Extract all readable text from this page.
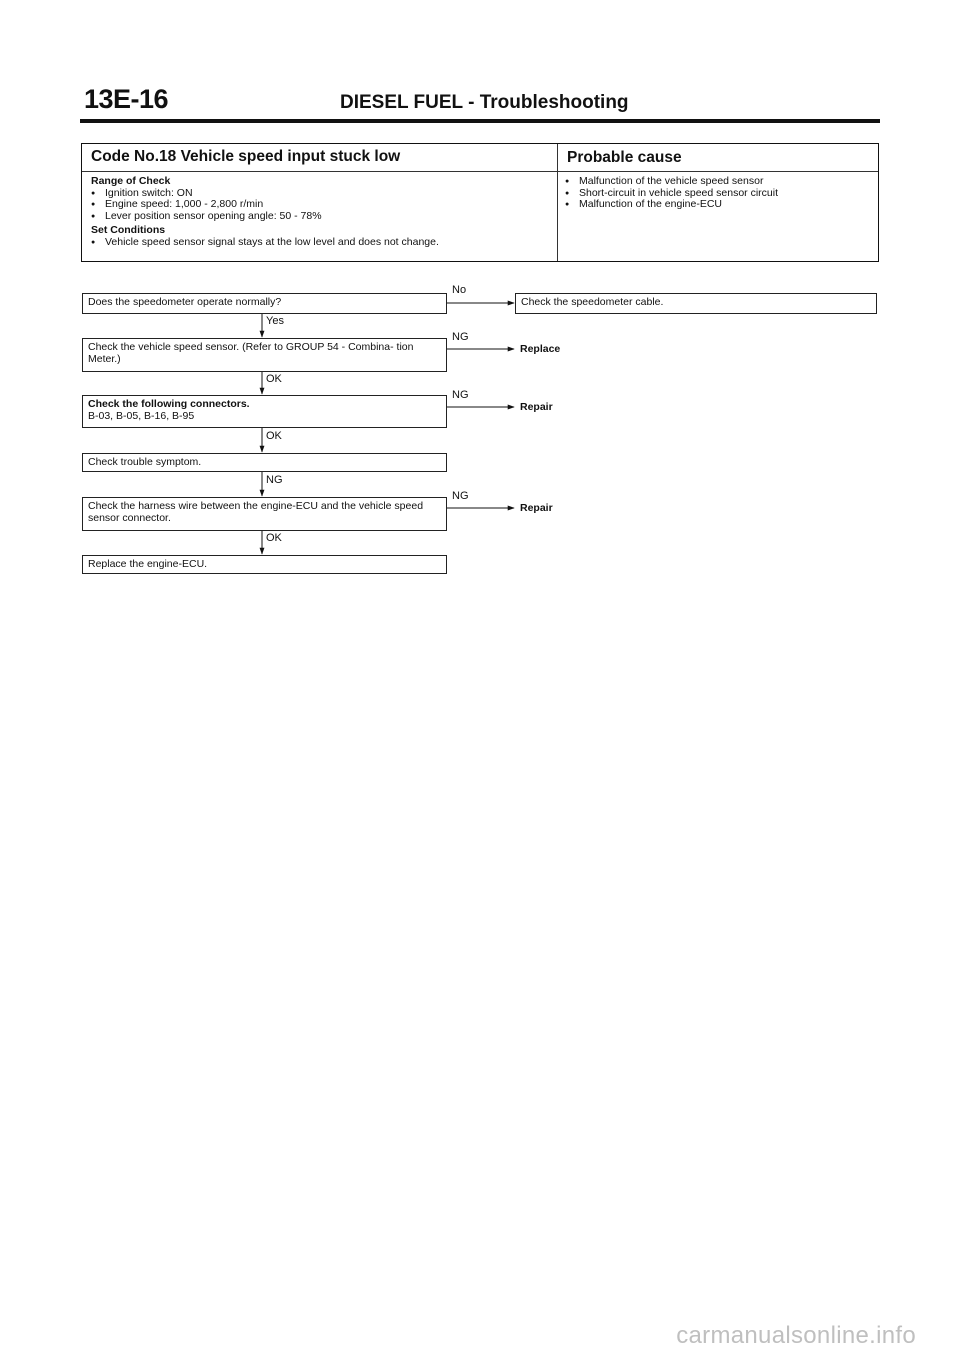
13E-16	DIESEL FUEL - Troubleshooting
Code No.18 Vehicle speed input stuck low	Probable cause
Range of Check
● Ignition switch: ON
● Engine speed: 1,000 - 2,800 r/min
● Lever position sensor opening angle: 50 - 78%
Set Conditions
● Vehicle speed sensor signal stays at the low level and does not change.
● Malfunction of the vehicle speed sensor
● Short-circuit in vehicle speed sensor circuit
● Malfunction of the engine-ECU
Does the speedometer operate normally?
No
Check the speedometer cable.
Yes
Check the vehicle speed sensor. (Refer to GROUP 54 - Combina- tion Meter.)
NG
Replace
OK
Check the following connectors.
B-03, B-05, B-16, B-95
NG
Repair
OK
Check trouble symptom.
NG
Check the harness wire between the engine-ECU and the vehicle speed sensor connector.
NG
Repair
OK
Replace the engine-ECU.
carmanualsonline.info
